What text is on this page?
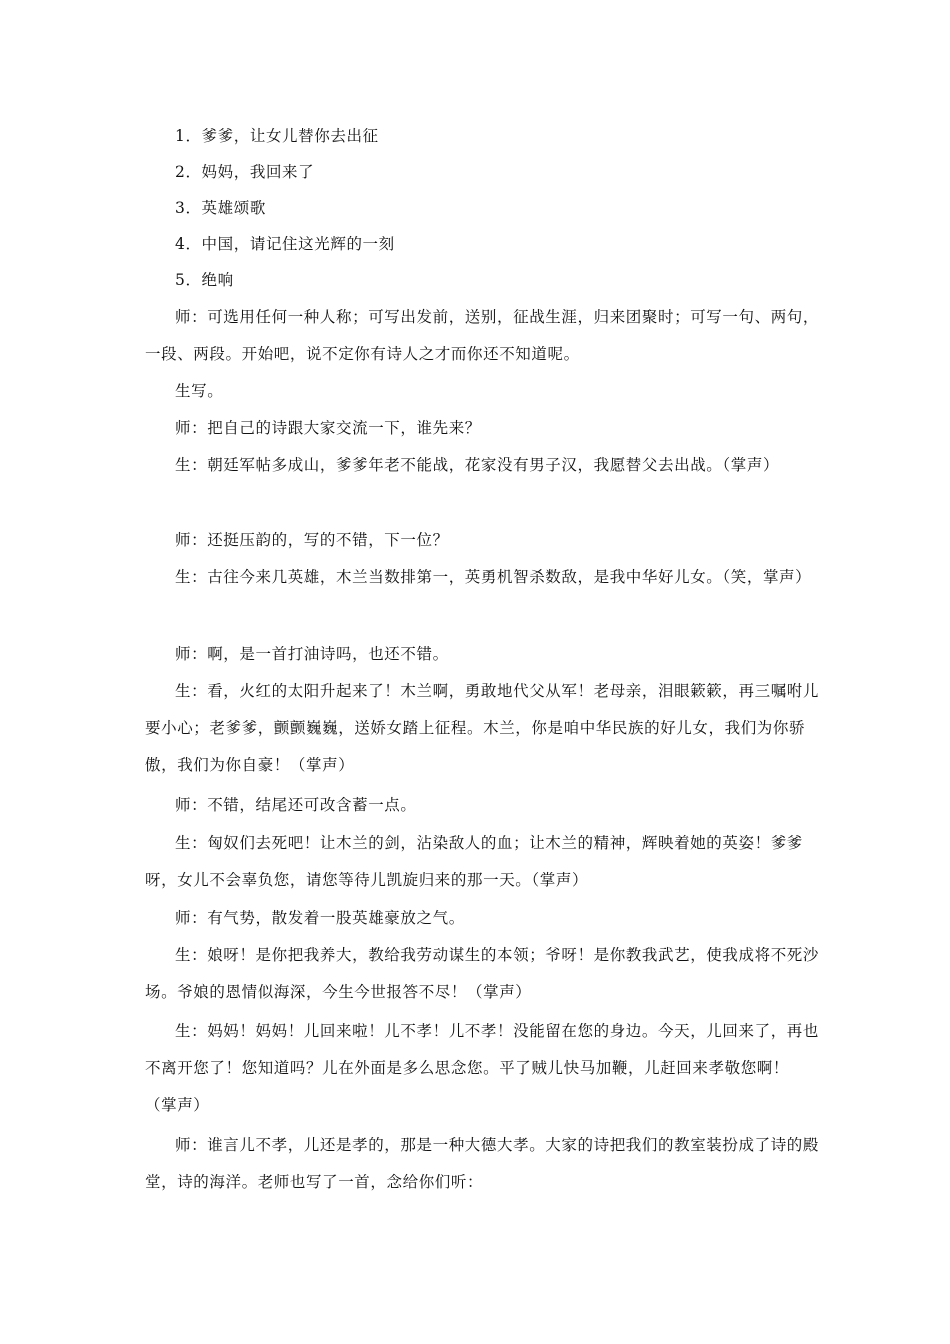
1．爹爹，让女儿替你去出征

2．妈妈，我回来了

3．英雄颂歌

4．中国，请记住这光辉的一刻

5．绝响

师：可选用任何一种人称；可写出发前，送别，征战生涯，归来团聚时；可写一句、两句，一段、两段。开始吧，说不定你有诗人之才而你还不知道呢。

生写。

师：把自己的诗跟大家交流一下，谁先来？

生：朝廷军帖多成山，爹爹年老不能战，花家没有男子汉，我愿替父去出战。（掌声）

师：还挺压韵的，写的不错，下一位？

生：古往今来几英雄，木兰当数排第一，英勇机智杀数敌，是我中华好儿女。（笑，掌声）

师：啊，是一首打油诗吗，也还不错。

生：看，火红的太阳升起来了！木兰啊，勇敢地代父从军！老母亲，泪眼簌簌，再三嘱咐儿要小心；老爹爹，颤颤巍巍，送娇女踏上征程。木兰，你是咱中华民族的好儿女，我们为你骄傲，我们为你自豪！（掌声）

师：不错，结尾还可改含蓄一点。

生：匈奴们去死吧！让木兰的剑，沾染敌人的血；让木兰的精神，辉映着她的英姿！爹爹呀，女儿不会辜负您，请您等待儿凯旋归来的那一天。（掌声）

师：有气势，散发着一股英雄豪放之气。

生：娘呀！是你把我养大，教给我劳动谋生的本领；爷呀！是你教我武艺，使我成将不死沙场。爷娘的恩情似海深，今生今世报答不尽！（掌声）

生：妈妈！妈妈！儿回来啦！儿不孝！儿不孝！没能留在您的身边。今天，儿回来了，再也不离开您了！您知道吗？儿在外面是多么思念您。平了贼儿快马加鞭，儿赶回来孝敬您啊！（掌声）

师：谁言儿不孝，儿还是孝的，那是一种大德大孝。大家的诗把我们的教室装扮成了诗的殿堂，诗的海洋。老师也写了一首，念给你们听：
